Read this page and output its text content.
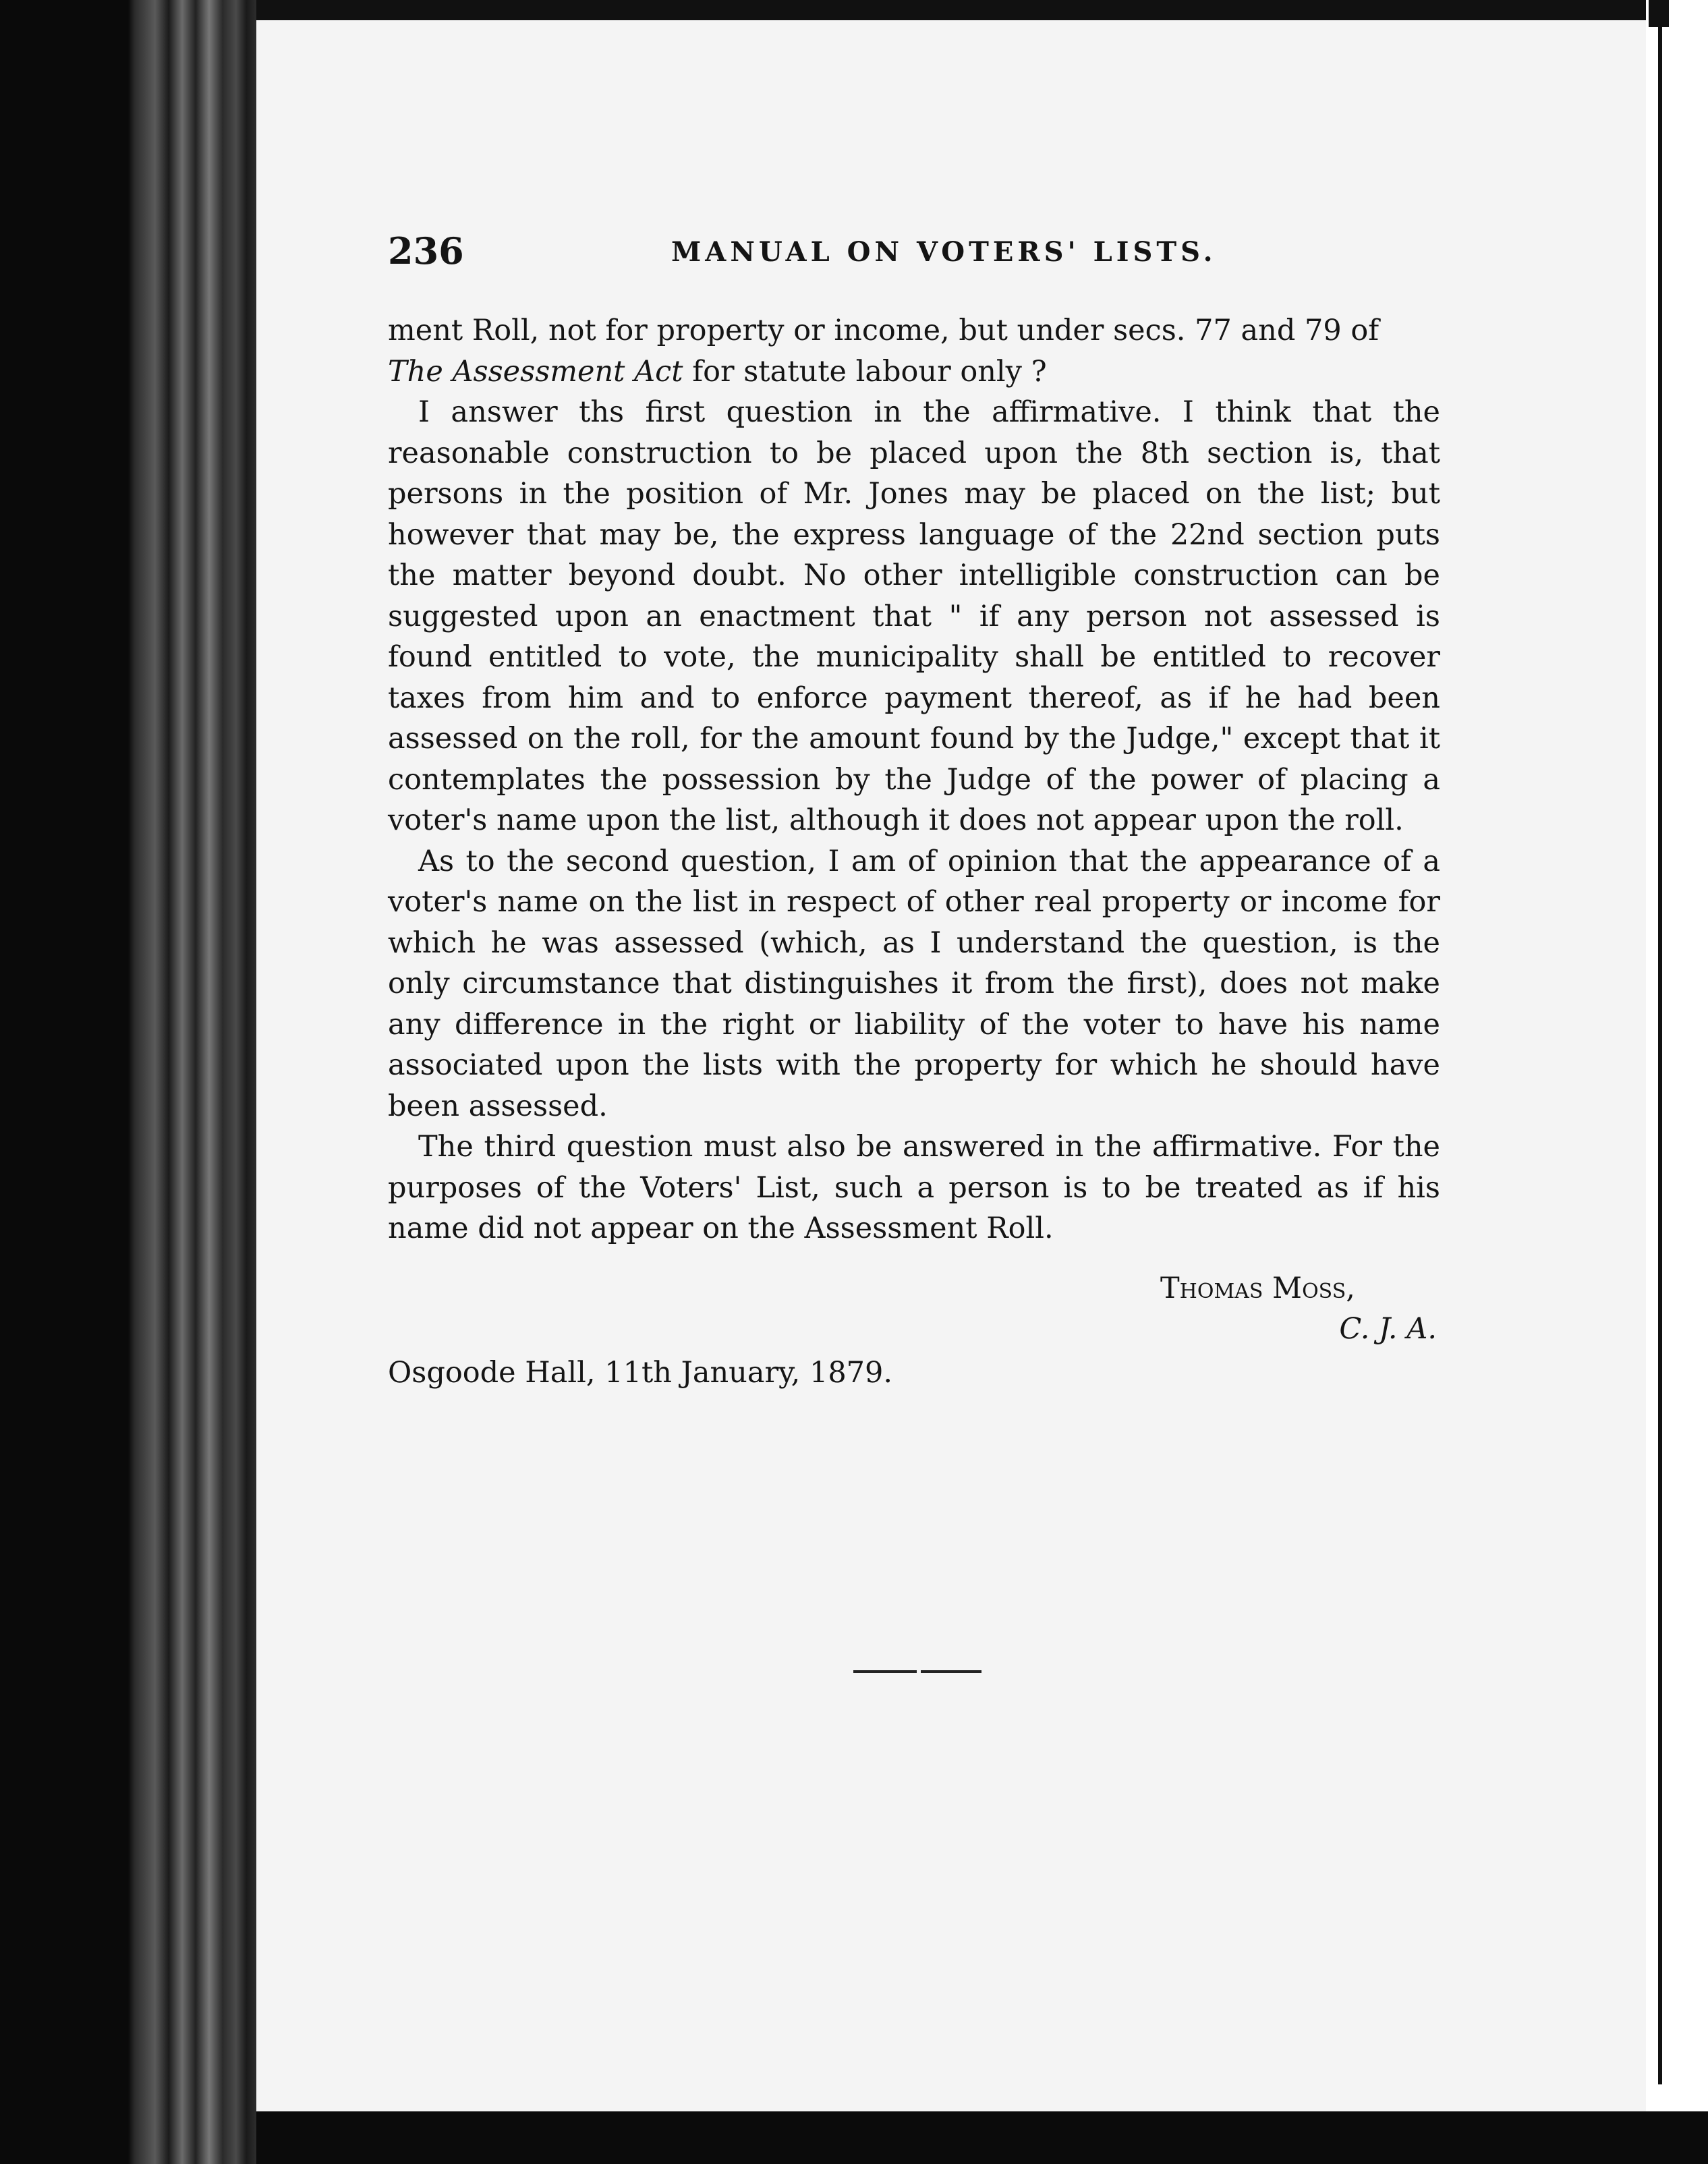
236	MANUAL ON VOTERS' LISTS.

ment Roll, not for property or income, but under secs. 77 and 79 of
The Assessment Act for statute labour only ?

I answer ths first question in the affirmative. I think that the reasonable construction to be placed upon the 8th section is, that persons in the position of Mr. Jones may be placed on the list; but however that may be, the express language of the 22nd section puts the matter beyond doubt. No other intelligible construction can be suggested upon an enactment that " if any person not assessed is found entitled to vote, the municipality shall be entitled to recover taxes from him and to enforce payment thereof, as if he had been assessed on the roll, for the amount found by the Judge," except that it contemplates the possession by the Judge of the power of placing a voter's name upon the list, although it does not appear upon the roll.

As to the second question, I am of opinion that the appearance of a voter's name on the list in respect of other real property or income for which he was assessed (which, as I understand the question, is the only circumstance that distinguishes it from the first), does not make any difference in the right or liability of the voter to have his name associated upon the lists with the property for which he should have been assessed.

The third question must also be answered in the affirmative. For the purposes of the Voters' List, such a person is to be treated as if his name did not appear on the Assessment Roll.

Thomas Moss,
C. J. A.
Osgoode Hall, 11th January, 1879.
